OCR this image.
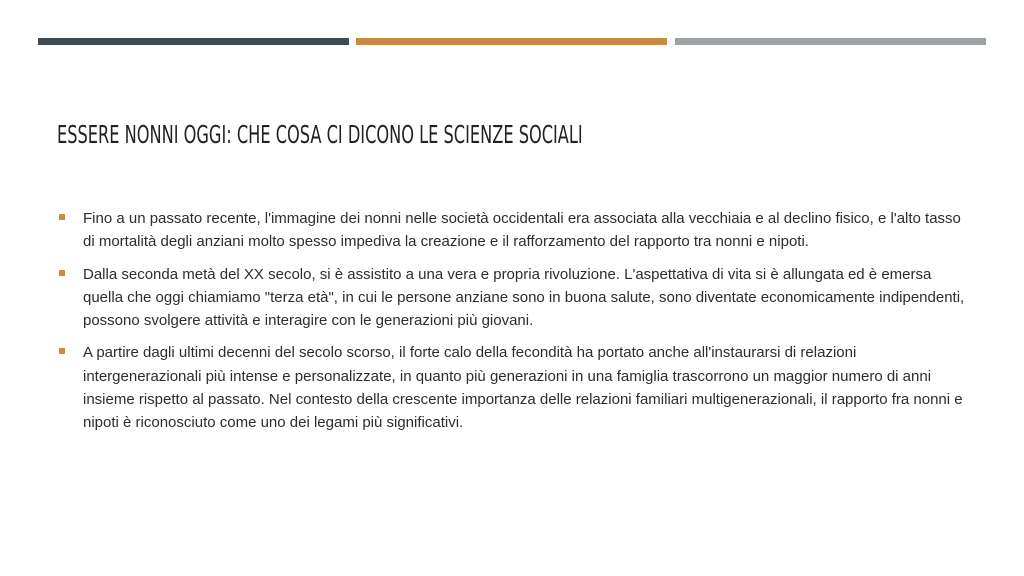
ESSERE NONNI OGGI: CHE COSA CI DICONO LE SCIENZE SOCIALI
Fino a un passato recente, l'immagine dei nonni nelle società occidentali era associata alla vecchiaia e al declino fisico, e l'alto tasso di mortalità degli anziani molto spesso impediva la creazione e il rafforzamento del rapporto tra nonni e nipoti.
Dalla seconda metà del XX secolo, si è assistito a una vera e propria rivoluzione. L'aspettativa di vita si è allungata ed è emersa quella che oggi chiamiamo "terza età", in cui le persone anziane sono in buona salute, sono diventate economicamente indipendenti, possono svolgere attività e interagire con le generazioni più giovani.
A partire dagli ultimi decenni del secolo scorso, il forte calo della fecondità ha portato anche all'instaurarsi di relazioni intergenerazionali più intense e personalizzate, in quanto più generazioni in una famiglia trascorrono un maggior numero di anni insieme rispetto al passato. Nel contesto della crescente importanza delle relazioni familiari multigenerazionali, il rapporto fra nonni e nipoti è riconosciuto come uno dei legami più significativi.
